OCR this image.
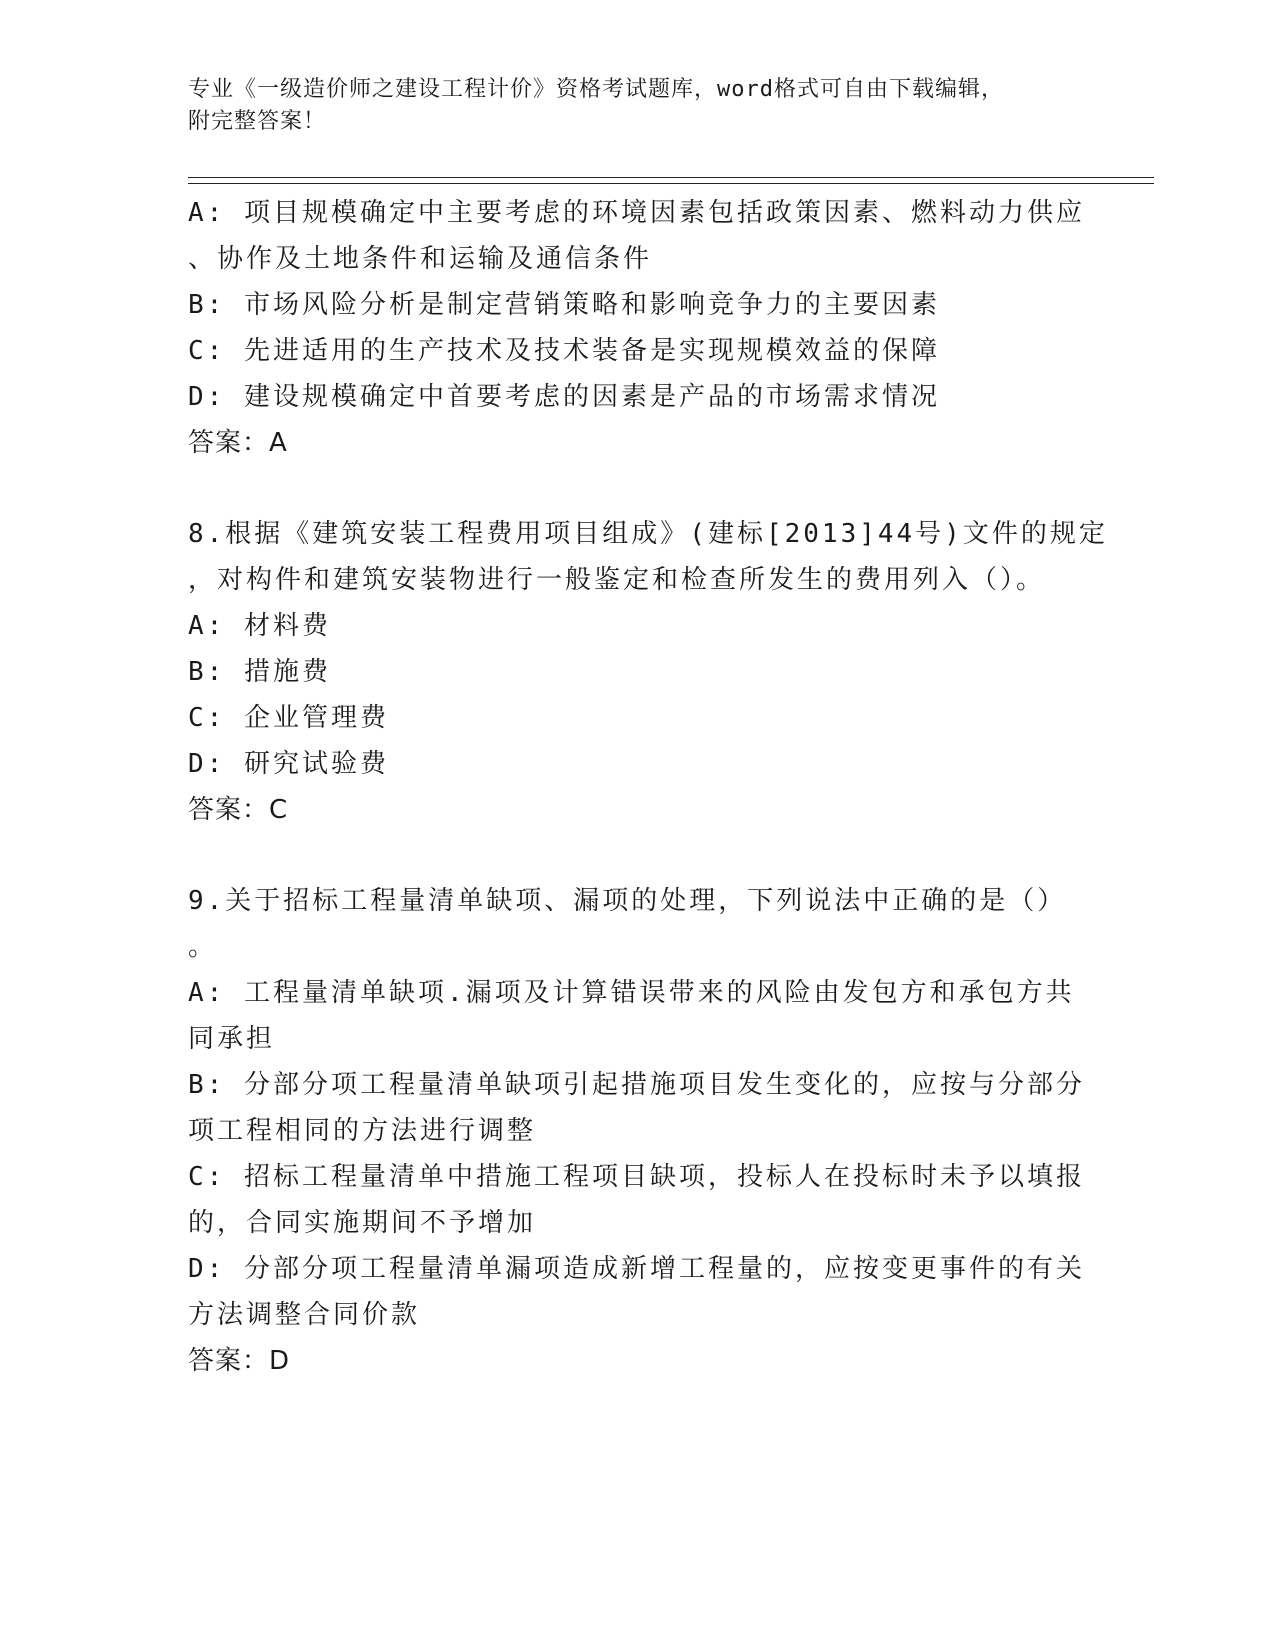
专业《一级造价师之建设工程计价》资格考试题库，word格式可自由下载编辑，
附完整答案！
A: 项目规模确定中主要考虑的环境因素包括政策因素、燃料动力供应
、协作及土地条件和运输及通信条件
B: 市场风险分析是制定营销策略和影响竞争力的主要因素
C: 先进适用的生产技术及技术装备是实现规模效益的保障
D: 建设规模确定中首要考虑的因素是产品的市场需求情况
答案：A
8.根据《建筑安装工程费用项目组成》(建标[2013]44号)文件的规定
，对构件和建筑安装物进行一般鉴定和检查所发生的费用列入（）。
A: 材料费
B: 措施费
C: 企业管理费
D: 研究试验费
答案：C
9.关于招标工程量清单缺项、漏项的处理，下列说法中正确的是（）
。
A: 工程量清单缺项.漏项及计算错误带来的风险由发包方和承包方共
同承担
B: 分部分项工程量清单缺项引起措施项目发生变化的，应按与分部分
项工程相同的方法进行调整
C: 招标工程量清单中措施工程项目缺项，投标人在投标时未予以填报
的，合同实施期间不予增加
D: 分部分项工程量清单漏项造成新增工程量的，应按变更事件的有关
方法调整合同价款
答案：D
